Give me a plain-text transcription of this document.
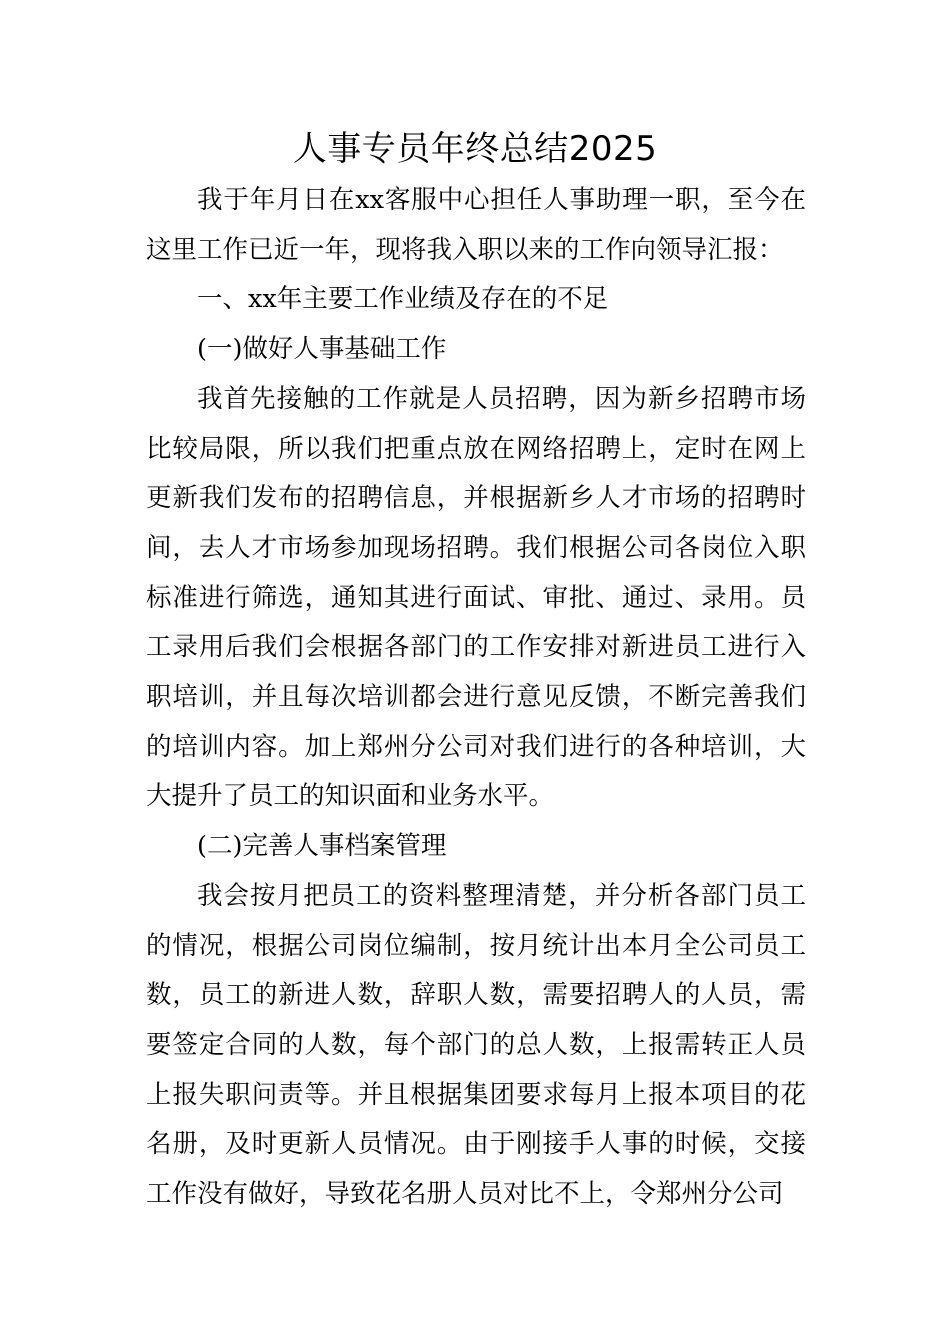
人事专员年终总结2025

我于年月日在xx客服中心担任人事助理一职，至今在这里工作已近一年，现将我入职以来的工作向领导汇报：

一、xx年主要工作业绩及存在的不足

(一)做好人事基础工作

我首先接触的工作就是人员招聘，因为新乡招聘市场比较局限，所以我们把重点放在网络招聘上，定时在网上更新我们发布的招聘信息，并根据新乡人才市场的招聘时间，去人才市场参加现场招聘。我们根据公司各岗位入职标准进行筛选，通知其进行面试、审批、通过、录用。员工录用后我们会根据各部门的工作安排对新进员工进行入职培训，并且每次培训都会进行意见反馈，不断完善我们的培训内容。加上郑州分公司对我们进行的各种培训，大大提升了员工的知识面和业务水平。

(二)完善人事档案管理

我会按月把员工的资料整理清楚，并分析各部门员工的情况，根据公司岗位编制，按月统计出本月全公司员工数，员工的新进人数，辞职人数，需要招聘人的人员，需要签定合同的人数，每个部门的总人数，上报需转正人员上报失职问责等。并且根据集团要求每月上报本项目的花名册，及时更新人员情况。由于刚接手人事的时候，交接工作没有做好，导致花名册人员对比不上，令郑州分公司
